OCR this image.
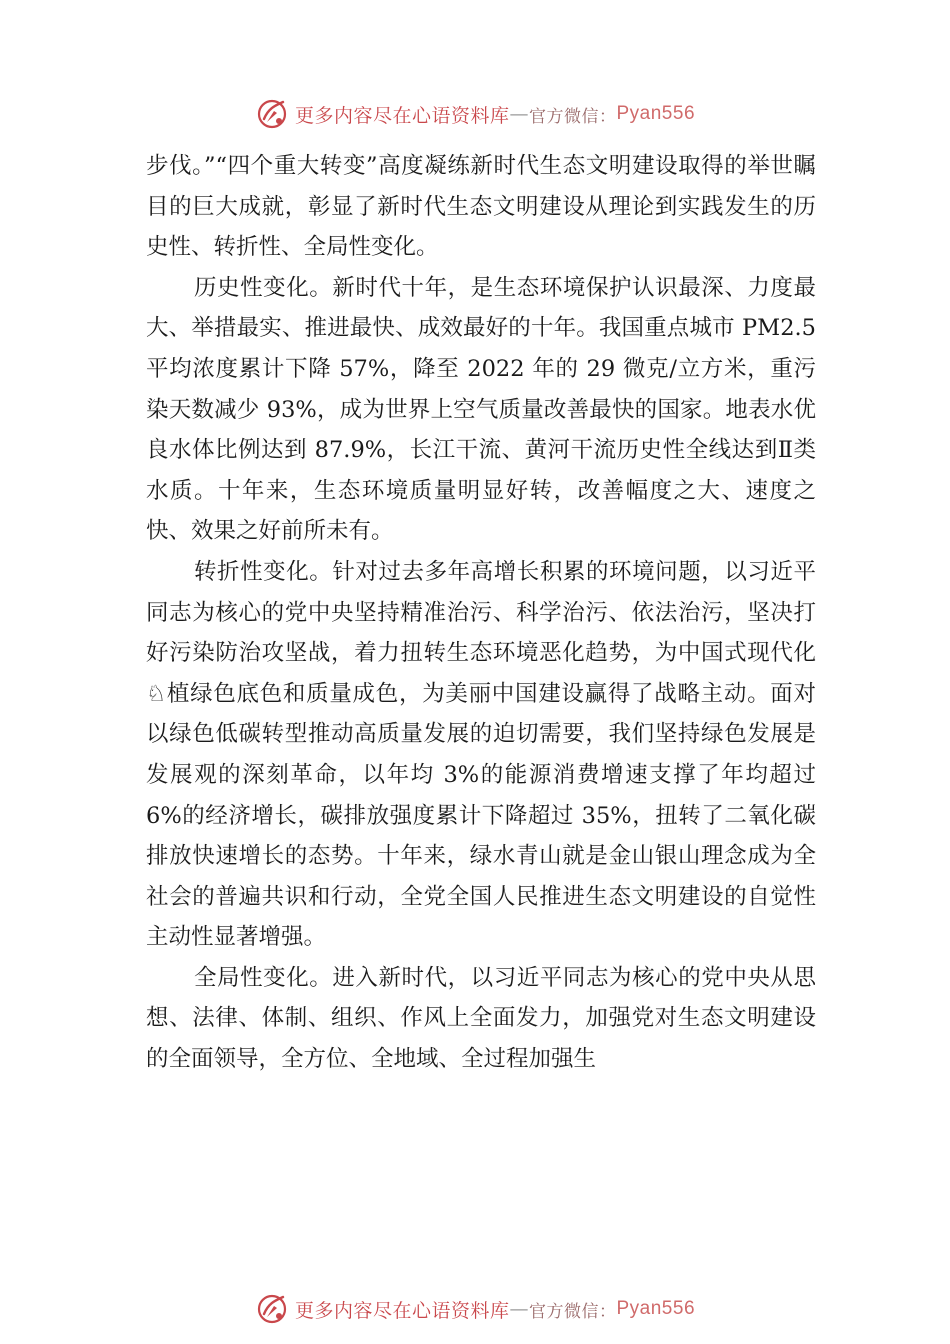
更多内容尽在心语资料库 — 官方微信： Pyan556

步伐。”“四个重大转变”高度凝练新时代生态文明建设取得的举世瞩目的巨大成就，彰显了新时代生态文明建设从理论到实践发生的历史性、转折性、全局性变化。

历史性变化。新时代十年，是生态环境保护认识最深、力度最大、举措最实、推进最快、成效最好的十年。我国重点城市 PM2.5 平均浓度累计下降 57%，降至 2022 年的 29 微克/立方米，重污染天数减少 93%，成为世界上空气质量改善最快的国家。地表水优良水体比例达到 87.9%，长江干流、黄河干流历史性全线达到Ⅱ类水质。十年来，生态环境质量明显好转，改善幅度之大、速度之快、效果之好前所未有。

转折性变化。针对过去多年高增长积累的环境问题，以习近平同志为核心的党中央坚持精准治污、科学治污、依法治污，坚决打好污染防治攻坚战，着力扭转生态环境恶化趋势，为中国式现代化♘植绿色底色和质量成色，为美丽中国建设赢得了战略主动。面对以绿色低碳转型推动高质量发展的迫切需要，我们坚持绿色发展是发展观的深刻革命，以年均 3%的能源消费增速支撑了年均超过 6%的经济增长，碳排放强度累计下降超过 35%，扭转了二氧化碳排放快速增长的态势。十年来，绿水青山就是金山银山理念成为全社会的普遍共识和行动，全党全国人民推进生态文明建设的自觉性主动性显著增强。

全局性变化。进入新时代，以习近平同志为核心的党中央从思想、法律、体制、组织、作风上全面发力，加强党对生态文明建设的全面领导，全方位、全地域、全过程加强生

更多内容尽在心语资料库 — 官方微信： Pyan556
